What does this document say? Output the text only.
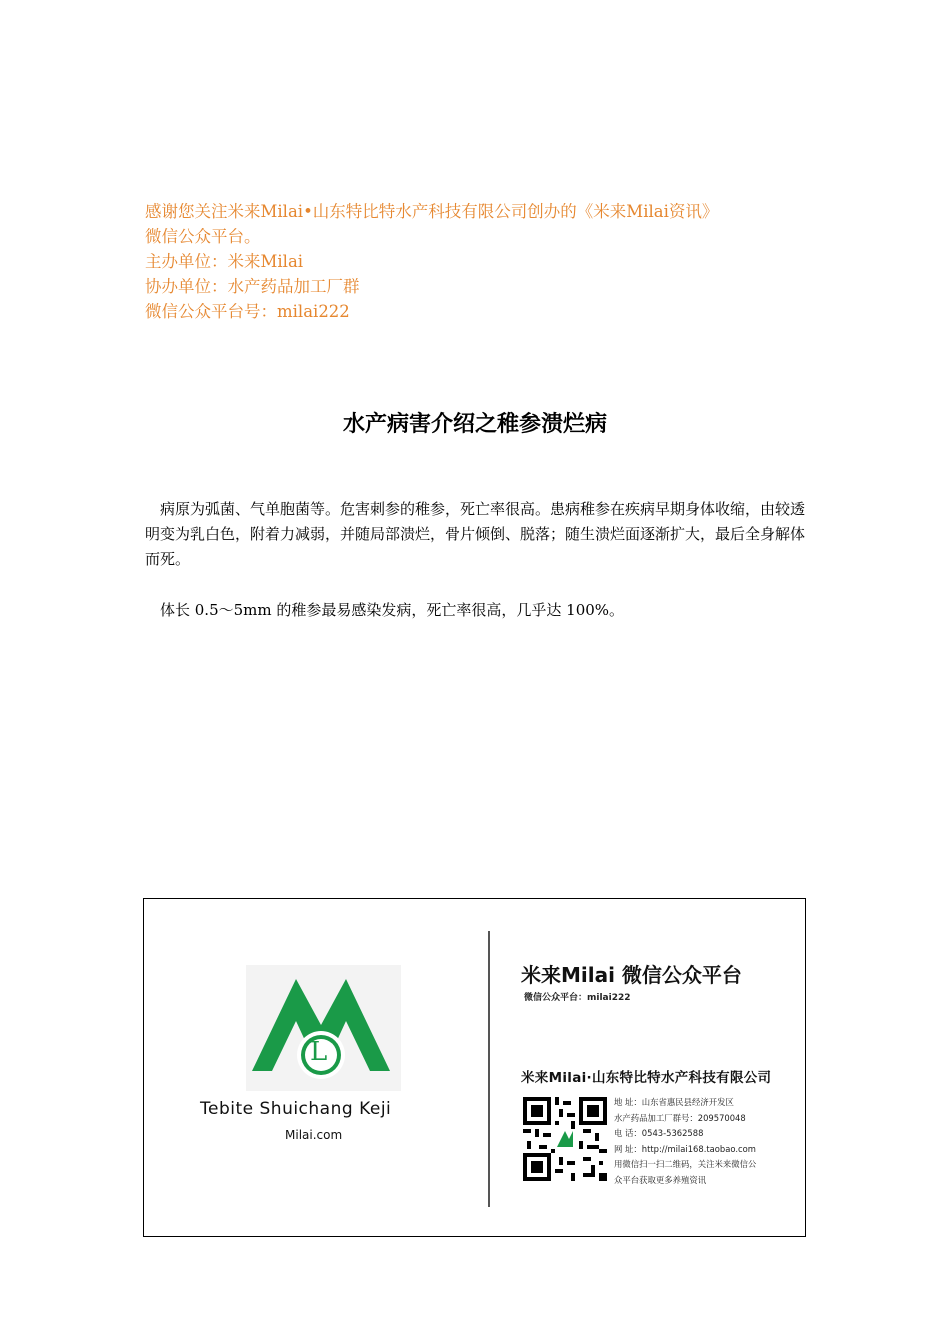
感谢您关注米来Milai•山东特比特水产科技有限公司创办的《米来Milai资讯》
微信公众平台。
主办单位：米来Milai
协办单位：水产药品加工厂群
微信公众平台号：milai222
水产病害介绍之稚参溃烂病
病原为弧菌、气单胞菌等。危害刺参的稚参，死亡率很高。患病稚参在疾病早期身体收缩，由较透明变为乳白色，附着力减弱，并随局部溃烂，骨片倾倒、脱落；随生溃烂面逐渐扩大，最后全身解体而死。
体长 0.5～5mm 的稚参最易感染发病，死亡率很高，几乎达 100%。
L
Tebite Shuichang Keji
Milai.com
米来Milai 微信公众平台
微信公众平台：milai222
米来Milai·山东特比特水产科技有限公司
地 址：山东省惠民县经济开发区
水产药品加工厂群号：209570048
电 话：0543-5362588
网 址：http://milai168.taobao.com
用微信扫一扫二维码，关注米来微信公
众平台获取更多养殖资讯
